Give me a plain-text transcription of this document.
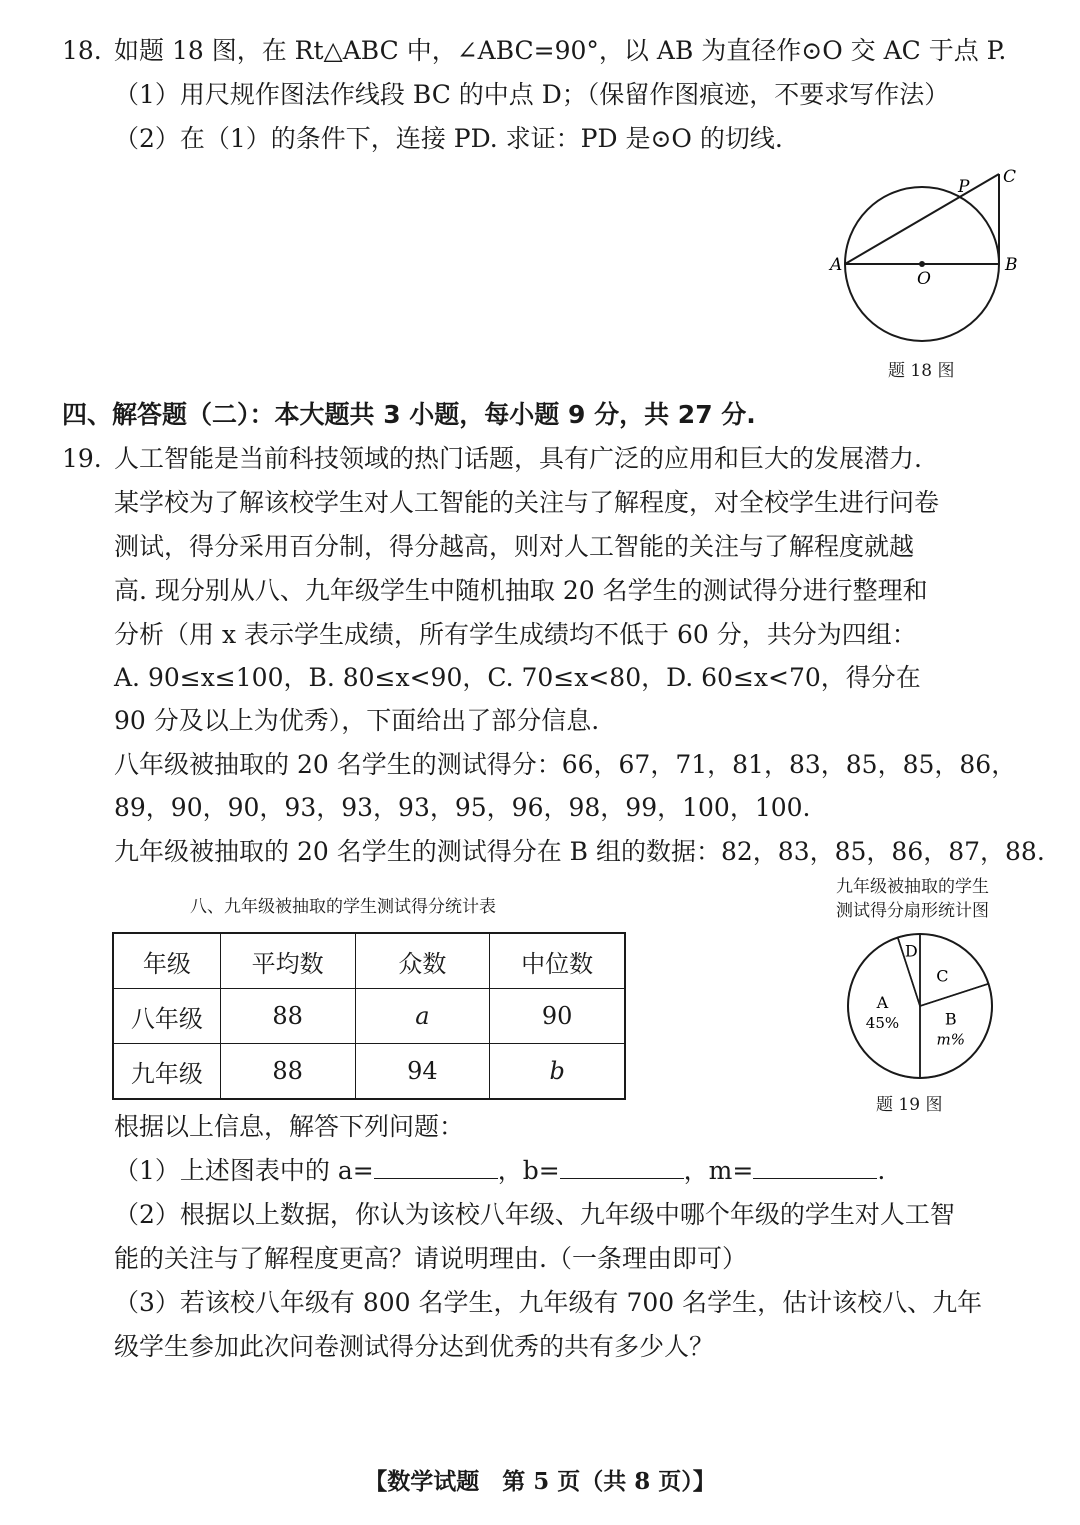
18. 如题 18 图，在 Rt△ABC 中，∠ABC=90°，以 AB 为直径作⊙O 交 AC 于点 P.
（1）用尺规作图法作线段 BC 的中点 D；（保留作图痕迹，不要求写作法）
（2）在（1）的条件下，连接 PD. 求证：PD 是⊙O 的切线.
A	B
C
O
P
题 18 图
四、解答题（二）：本大题共 3 小题，每小题 9 分，共 27 分.
19. 人工智能是当前科技领域的热门话题，具有广泛的应用和巨大的发展潜力.
某学校为了解该校学生对人工智能的关注与了解程度，对全校学生进行问卷
测试，得分采用百分制，得分越高，则对人工智能的关注与了解程度就越
高. 现分别从八、九年级学生中随机抽取 20 名学生的测试得分进行整理和
分析（用 x 表示学生成绩，所有学生成绩均不低于 60 分，共分为四组：
A. 90≤x≤100，B. 80≤x<90，C. 70≤x<80，D. 60≤x<70，得分在
90 分及以上为优秀），下面给出了部分信息.
八年级被抽取的 20 名学生的测试得分：66，67，71，81，83，85，85，86，
89，90，90，93，93，93，95，96，98，99，100，100.
九年级被抽取的 20 名学生的测试得分在 B 组的数据：82，83，85，86，87，88.
八、九年级被抽取的学生测试得分统计表
年级	平均数	众数	中位数
八年级	88	a	90
九年级	88	94	b
九年级被抽取的学生
测试得分扇形统计图
C
B
m%
A
45%
D
题 19 图
根据以上信息，解答下列问题：
（1）上述图表中的 a=	，b=	，m=	.
（2）根据以上数据，你认为该校八年级、九年级中哪个年级的学生对人工智
能的关注与了解程度更高？请说明理由.（一条理由即可）
（3）若该校八年级有 800 名学生，九年级有 700 名学生，估计该校八、九年
级学生参加此次问卷测试得分达到优秀的共有多少人？
【数学试题　第 5 页（共 8 页）】
